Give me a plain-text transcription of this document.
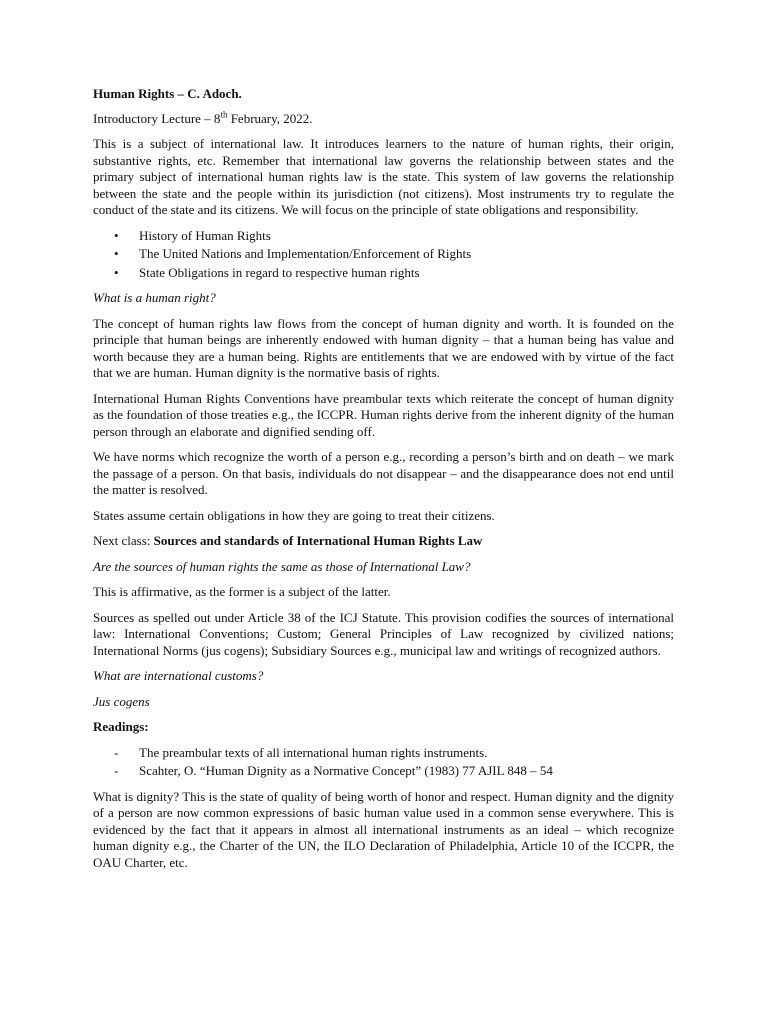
Human Rights – C. Adoch.

Introductory Lecture – 8th February, 2022.

This is a subject of international law. It introduces learners to the nature of human rights, their origin, substantive rights, etc. Remember that international law governs the relationship between states and the primary subject of international human rights law is the state. This system of law governs the relationship between the state and the people within its jurisdiction (not citizens). Most instruments try to regulate the conduct of the state and its citizens. We will focus on the principle of state obligations and responsibility.

• History of Human Rights
• The United Nations and Implementation/Enforcement of Rights
• State Obligations in regard to respective human rights

What is a human right?

The concept of human rights law flows from the concept of human dignity and worth. It is founded on the principle that human beings are inherently endowed with human dignity – that a human being has value and worth because they are a human being. Rights are entitlements that we are endowed with by virtue of the fact that we are human. Human dignity is the normative basis of rights.

International Human Rights Conventions have preambular texts which reiterate the concept of human dignity as the foundation of those treaties e.g., the ICCPR. Human rights derive from the inherent dignity of the human person through an elaborate and dignified sending off.

We have norms which recognize the worth of a person e.g., recording a person’s birth and on death – we mark the passage of a person. On that basis, individuals do not disappear – and the disappearance does not end until the matter is resolved.

States assume certain obligations in how they are going to treat their citizens.

Next class: Sources and standards of International Human Rights Law

Are the sources of human rights the same as those of International Law?

This is affirmative, as the former is a subject of the latter.

Sources as spelled out under Article 38 of the ICJ Statute. This provision codifies the sources of international law: International Conventions; Custom; General Principles of Law recognized by civilized nations; International Norms (jus cogens); Subsidiary Sources e.g., municipal law and writings of recognized authors.

What are international customs?

Jus cogens

Readings:

- The preambular texts of all international human rights instruments.
- Scahter, O. “Human Dignity as a Normative Concept” (1983) 77 AJIL 848 – 54

What is dignity? This is the state of quality of being worth of honor and respect. Human dignity and the dignity of a person are now common expressions of basic human value used in a common sense everywhere. This is evidenced by the fact that it appears in almost all international instruments as an ideal – which recognize human dignity e.g., the Charter of the UN, the ILO Declaration of Philadelphia, Article 10 of the ICCPR, the OAU Charter, etc.
